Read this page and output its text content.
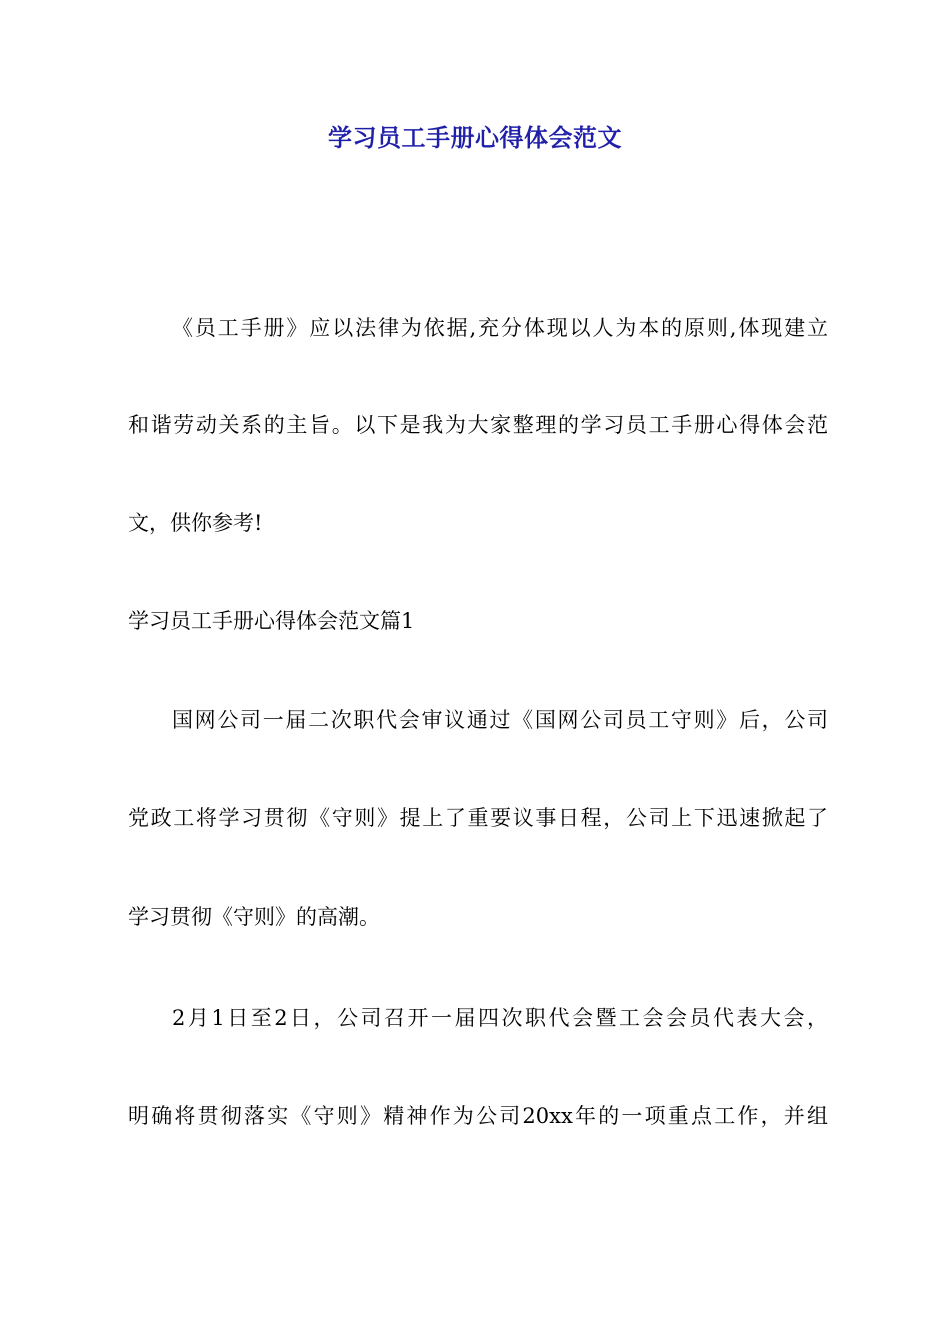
学习员工手册心得体会范文
《员工手册》应以法律为依据,充分体现以人为本的原则,体现建立
和谐劳动关系的主旨。以下是我为大家整理的学习员工手册心得体会范
文，供你参考!
学习员工手册心得体会范文篇1
国网公司一届二次职代会审议通过《国网公司员工守则》后，公司
党政工将学习贯彻《守则》提上了重要议事日程，公司上下迅速掀起了
学习贯彻《守则》的高潮。
2月1日至2日，公司召开一届四次职代会暨工会会员代表大会，
明确将贯彻落实《守则》精神作为公司20xx年的一项重点工作，并组
